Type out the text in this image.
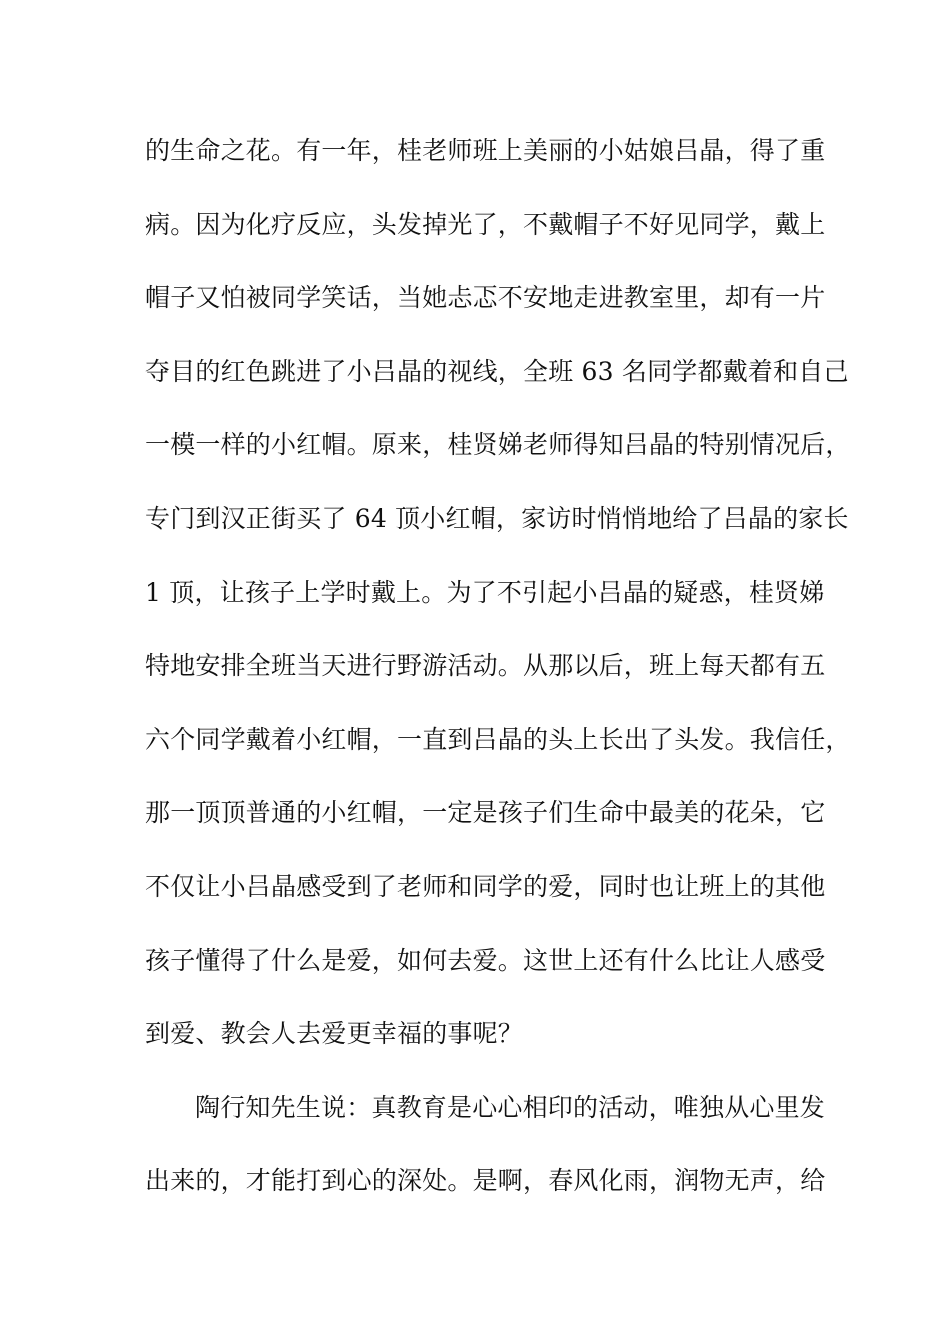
的生命之花。有一年，桂老师班上美丽的小姑娘吕晶，得了重
病。因为化疗反应，头发掉光了，不戴帽子不好见同学，戴上
帽子又怕被同学笑话，当她忐忑不安地走进教室里，却有一片
夺目的红色跳进了小吕晶的视线，全班 63 名同学都戴着和自己
一模一样的小红帽。原来，桂贤娣老师得知吕晶的特别情况后，
专门到汉正街买了 64 顶小红帽，家访时悄悄地给了吕晶的家长
1 顶，让孩子上学时戴上。为了不引起小吕晶的疑惑，桂贤娣
特地安排全班当天进行野游活动。从那以后，班上每天都有五
六个同学戴着小红帽，一直到吕晶的头上长出了头发。我信任，
那一顶顶普通的小红帽，一定是孩子们生命中最美的花朵，它
不仅让小吕晶感受到了老师和同学的爱，同时也让班上的其他
孩子懂得了什么是爱，如何去爱。这世上还有什么比让人感受
到爱、教会人去爱更幸福的事呢？
陶行知先生说：真教育是心心相印的活动，唯独从心里发
出来的，才能打到心的深处。是啊，春风化雨，润物无声，给
